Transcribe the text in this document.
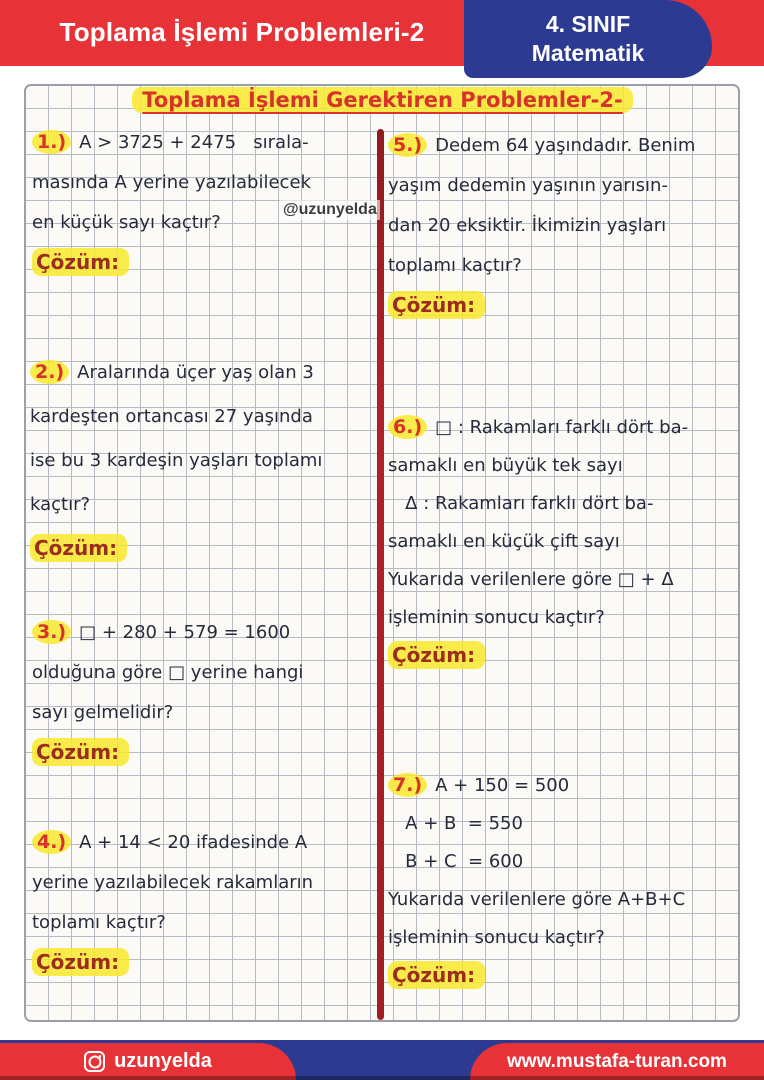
Toplama İşlemi Problemleri-2	4. SINIF
Matematik
Toplama İşlemi Gerektiren Problemler-2-
@uzunyelda
1.) A > 3725 + 2475   sırala-
masında A yerine yazılabilecek
en küçük sayı kaçtır?
Çözüm:
2.) Aralarında üçer yaş olan 3
kardeşten ortancası 27 yaşında
ise bu 3 kardeşin yaşları toplamı
kaçtır?
Çözüm:
3.) □ + 280 + 579 = 1600
olduğuna göre □ yerine hangi
sayı gelmelidir?
Çözüm:
4.) A + 14 < 20 ifadesinde A
yerine yazılabilecek rakamların
toplamı kaçtır?
Çözüm:
5.) Dedem 64 yaşındadır. Benim
yaşım dedemin yaşının yarısın-
dan 20 eksiktir. İkimizin yaşları
toplamı kaçtır?
Çözüm:
6.) □ : Rakamları farklı dört ba-
samaklı en büyük tek sayı
Δ : Rakamları farklı dört ba-
samaklı en küçük çift sayı
Yukarıda verilenlere göre □ + Δ
işleminin sonucu kaçtır?
Çözüm:
7.) A + 150 = 500
A + B  = 550
B + C  = 600
Yukarıda verilenlere göre A+B+C
işleminin sonucu kaçtır?
Çözüm:
uzunyelda	www.mustafa-turan.com
